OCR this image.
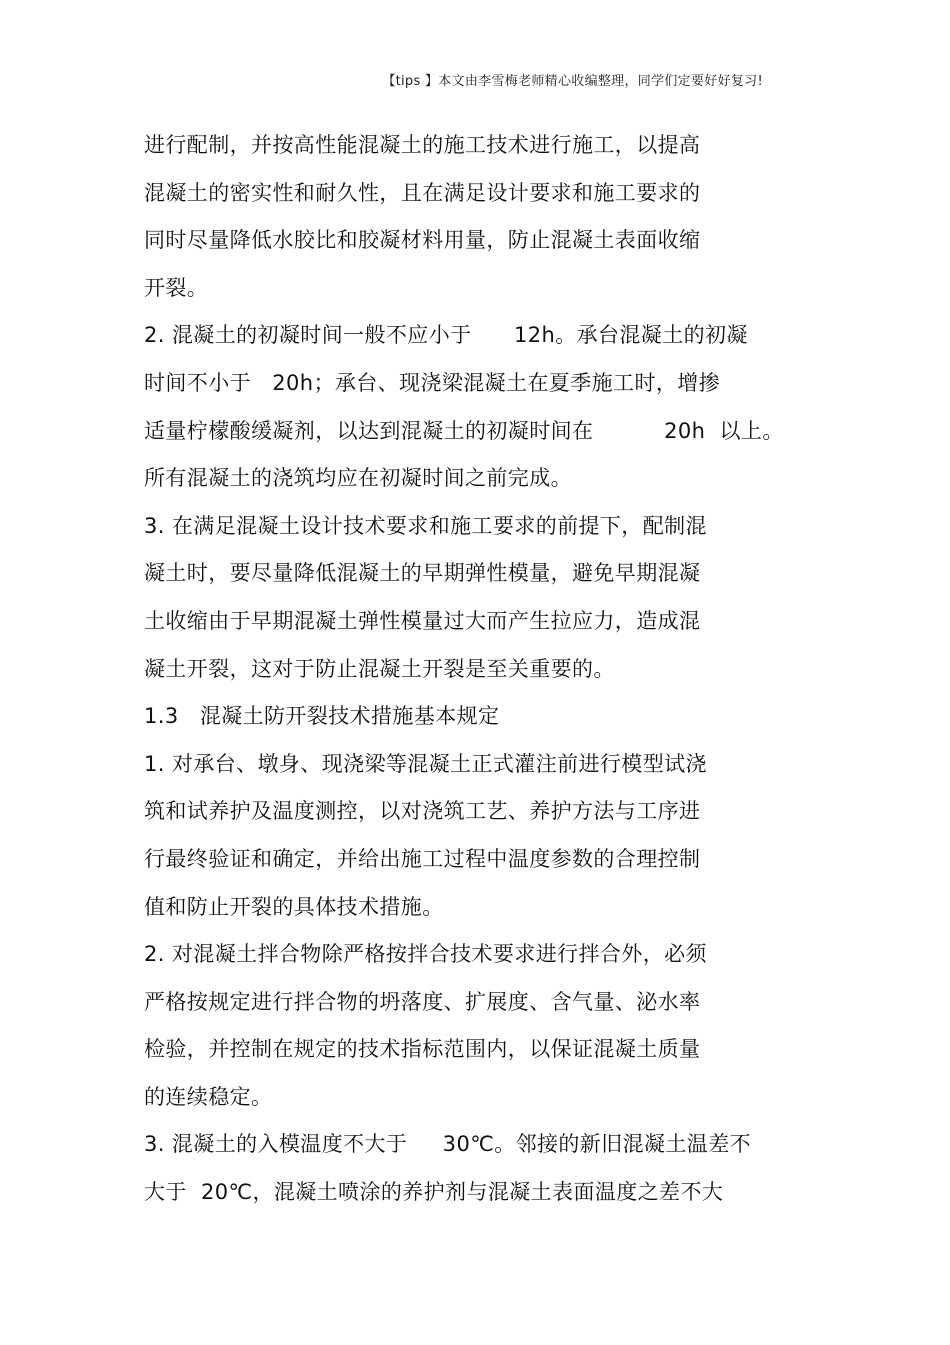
【tips 】本文由李雪梅老师精心收编整理，同学们定要好好复习!
进行配制，并按高性能混凝土的施工技术进行施工，以提高
混凝土的密实性和耐久性，且在满足设计要求和施工要求的
同时尽量降低水胶比和胶凝材料用量，防止混凝土表面收缩
开裂。
2. 混凝土的初凝时间一般不应小于      12h。承台混凝土的初凝
时间不小于   20h；承台、现浇梁混凝土在夏季施工时，增掺
适量柠檬酸缓凝剂，以达到混凝土的初凝时间在          20h  以上。
所有混凝土的浇筑均应在初凝时间之前完成。
3. 在满足混凝土设计技术要求和施工要求的前提下，配制混
凝土时，要尽量降低混凝土的早期弹性模量，避免早期混凝
土收缩由于早期混凝土弹性模量过大而产生拉应力，造成混
凝土开裂，这对于防止混凝土开裂是至关重要的。
1.3   混凝土防开裂技术措施基本规定
1. 对承台、墩身、现浇梁等混凝土正式灌注前进行模型试浇
筑和试养护及温度测控，以对浇筑工艺、养护方法与工序进
行最终验证和确定，并给出施工过程中温度参数的合理控制
值和防止开裂的具体技术措施。
2. 对混凝土拌合物除严格按拌合技术要求进行拌合外，必须
严格按规定进行拌合物的坍落度、扩展度、含气量、泌水率
检验，并控制在规定的技术指标范围内，以保证混凝土质量
的连续稳定。
3. 混凝土的入模温度不大于     30℃。邻接的新旧混凝土温差不
大于  20℃，混凝土喷涂的养护剂与混凝土表面温度之差不大
